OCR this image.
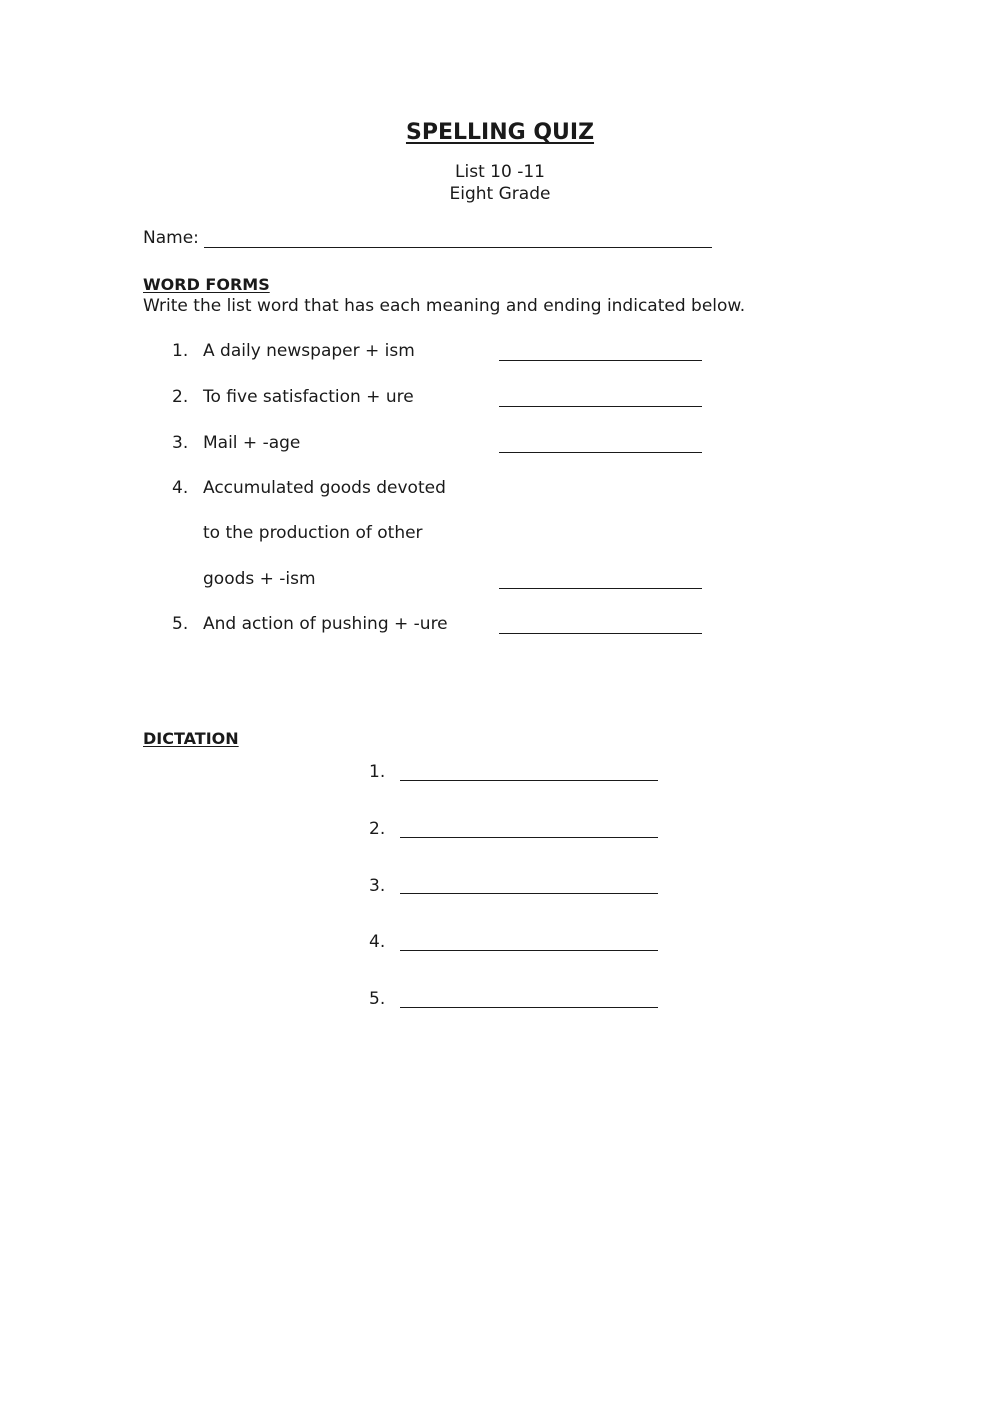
SPELLING QUIZ
List 10 -11
Eight Grade
Name:
WORD FORMS
Write the list word that has each meaning and ending indicated below.
1. A daily newspaper + ism
2. To five satisfaction + ure
3. Mail + -age
4. Accumulated goods devoted
to the production of other
goods + -ism
5. And action of pushing + -ure
DICTATION
1.
2.
3.
4.
5.
